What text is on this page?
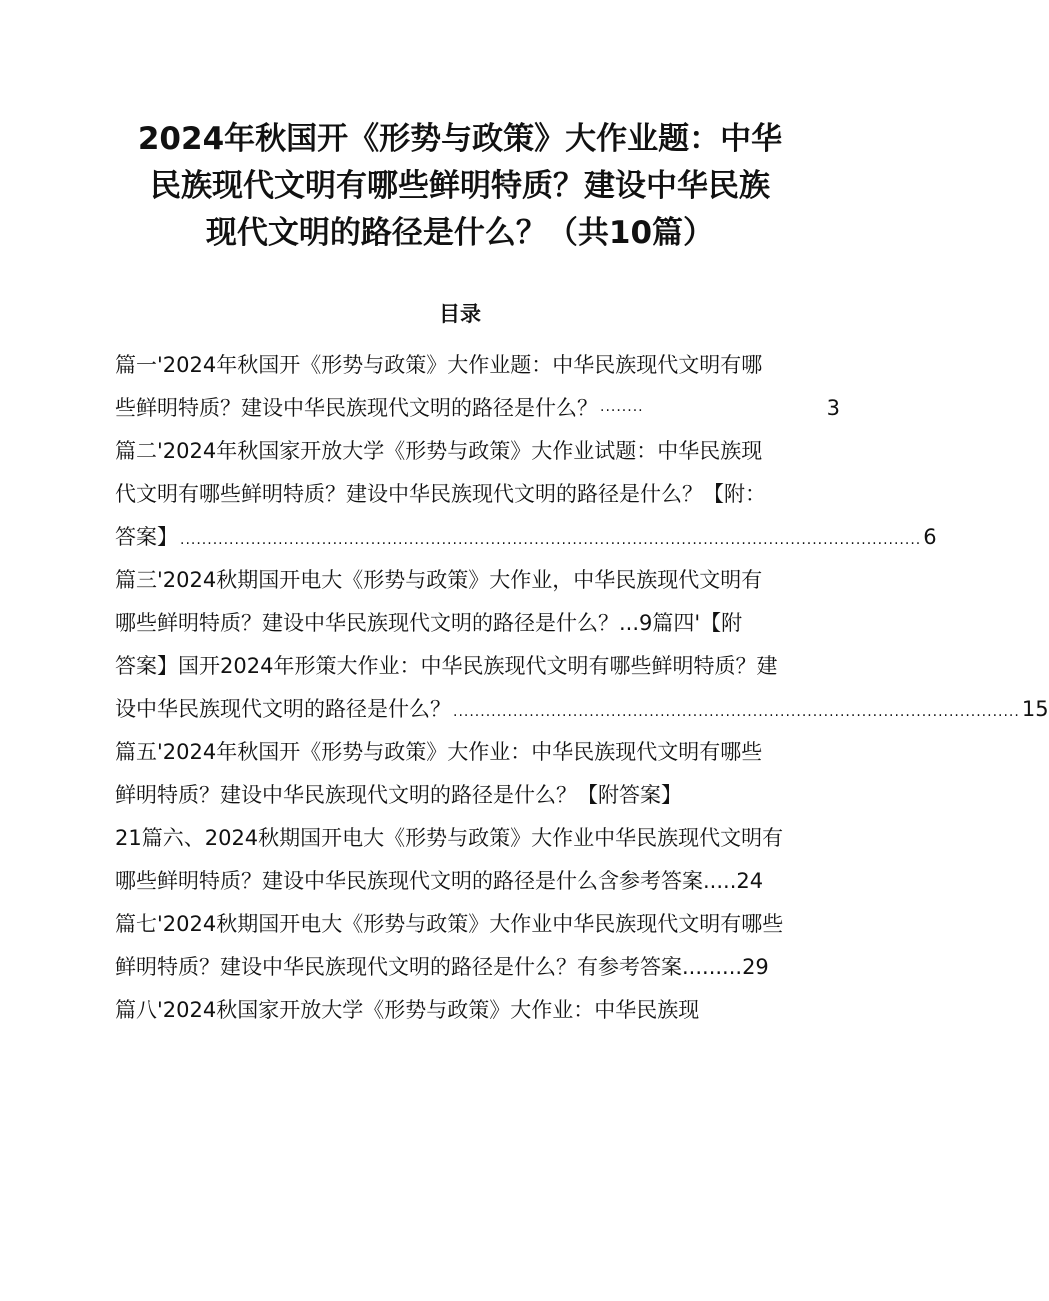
2024年秋国开《形势与政策》大作业题：中华
民族现代文明有哪些鲜明特质？建设中华民族
现代文明的路径是什么？（共10篇）
目录
篇一'2024年秋国开《形势与政策》大作业题：中华民族现代文明有哪
些鲜明特质？建设中华民族现代文明的路径是什么？ ········	3
篇二'2024年秋国家开放大学《形势与政策》大作业试题：中华民族现
代文明有哪些鲜明特质？建设中华民族现代文明的路径是什么？【附：
答案】 ........................................................................................................................................ 6
篇三'2024秋期国开电大《形势与政策》大作业，中华民族现代文明有
哪些鲜明特质？建设中华民族现代文明的路径是什么？...9篇四'【附
答案】国开2024年形策大作业：中华民族现代文明有哪些鲜明特质？建
设中华民族现代文明的路径是什么？ ........................................................................................................ 15
篇五'2024年秋国开《形势与政策》大作业：中华民族现代文明有哪些
鲜明特质？建设中华民族现代文明的路径是什么？【附答案】
21篇六、2024秋期国开电大《形势与政策》大作业中华民族现代文明有
哪些鲜明特质？建设中华民族现代文明的路径是什么含参考答案.....24
篇七'2024秋期国开电大《形势与政策》大作业中华民族现代文明有哪些
鲜明特质？建设中华民族现代文明的路径是什么？有参考答案.........29
篇八'2024秋国家开放大学《形势与政策》大作业：中华民族现
